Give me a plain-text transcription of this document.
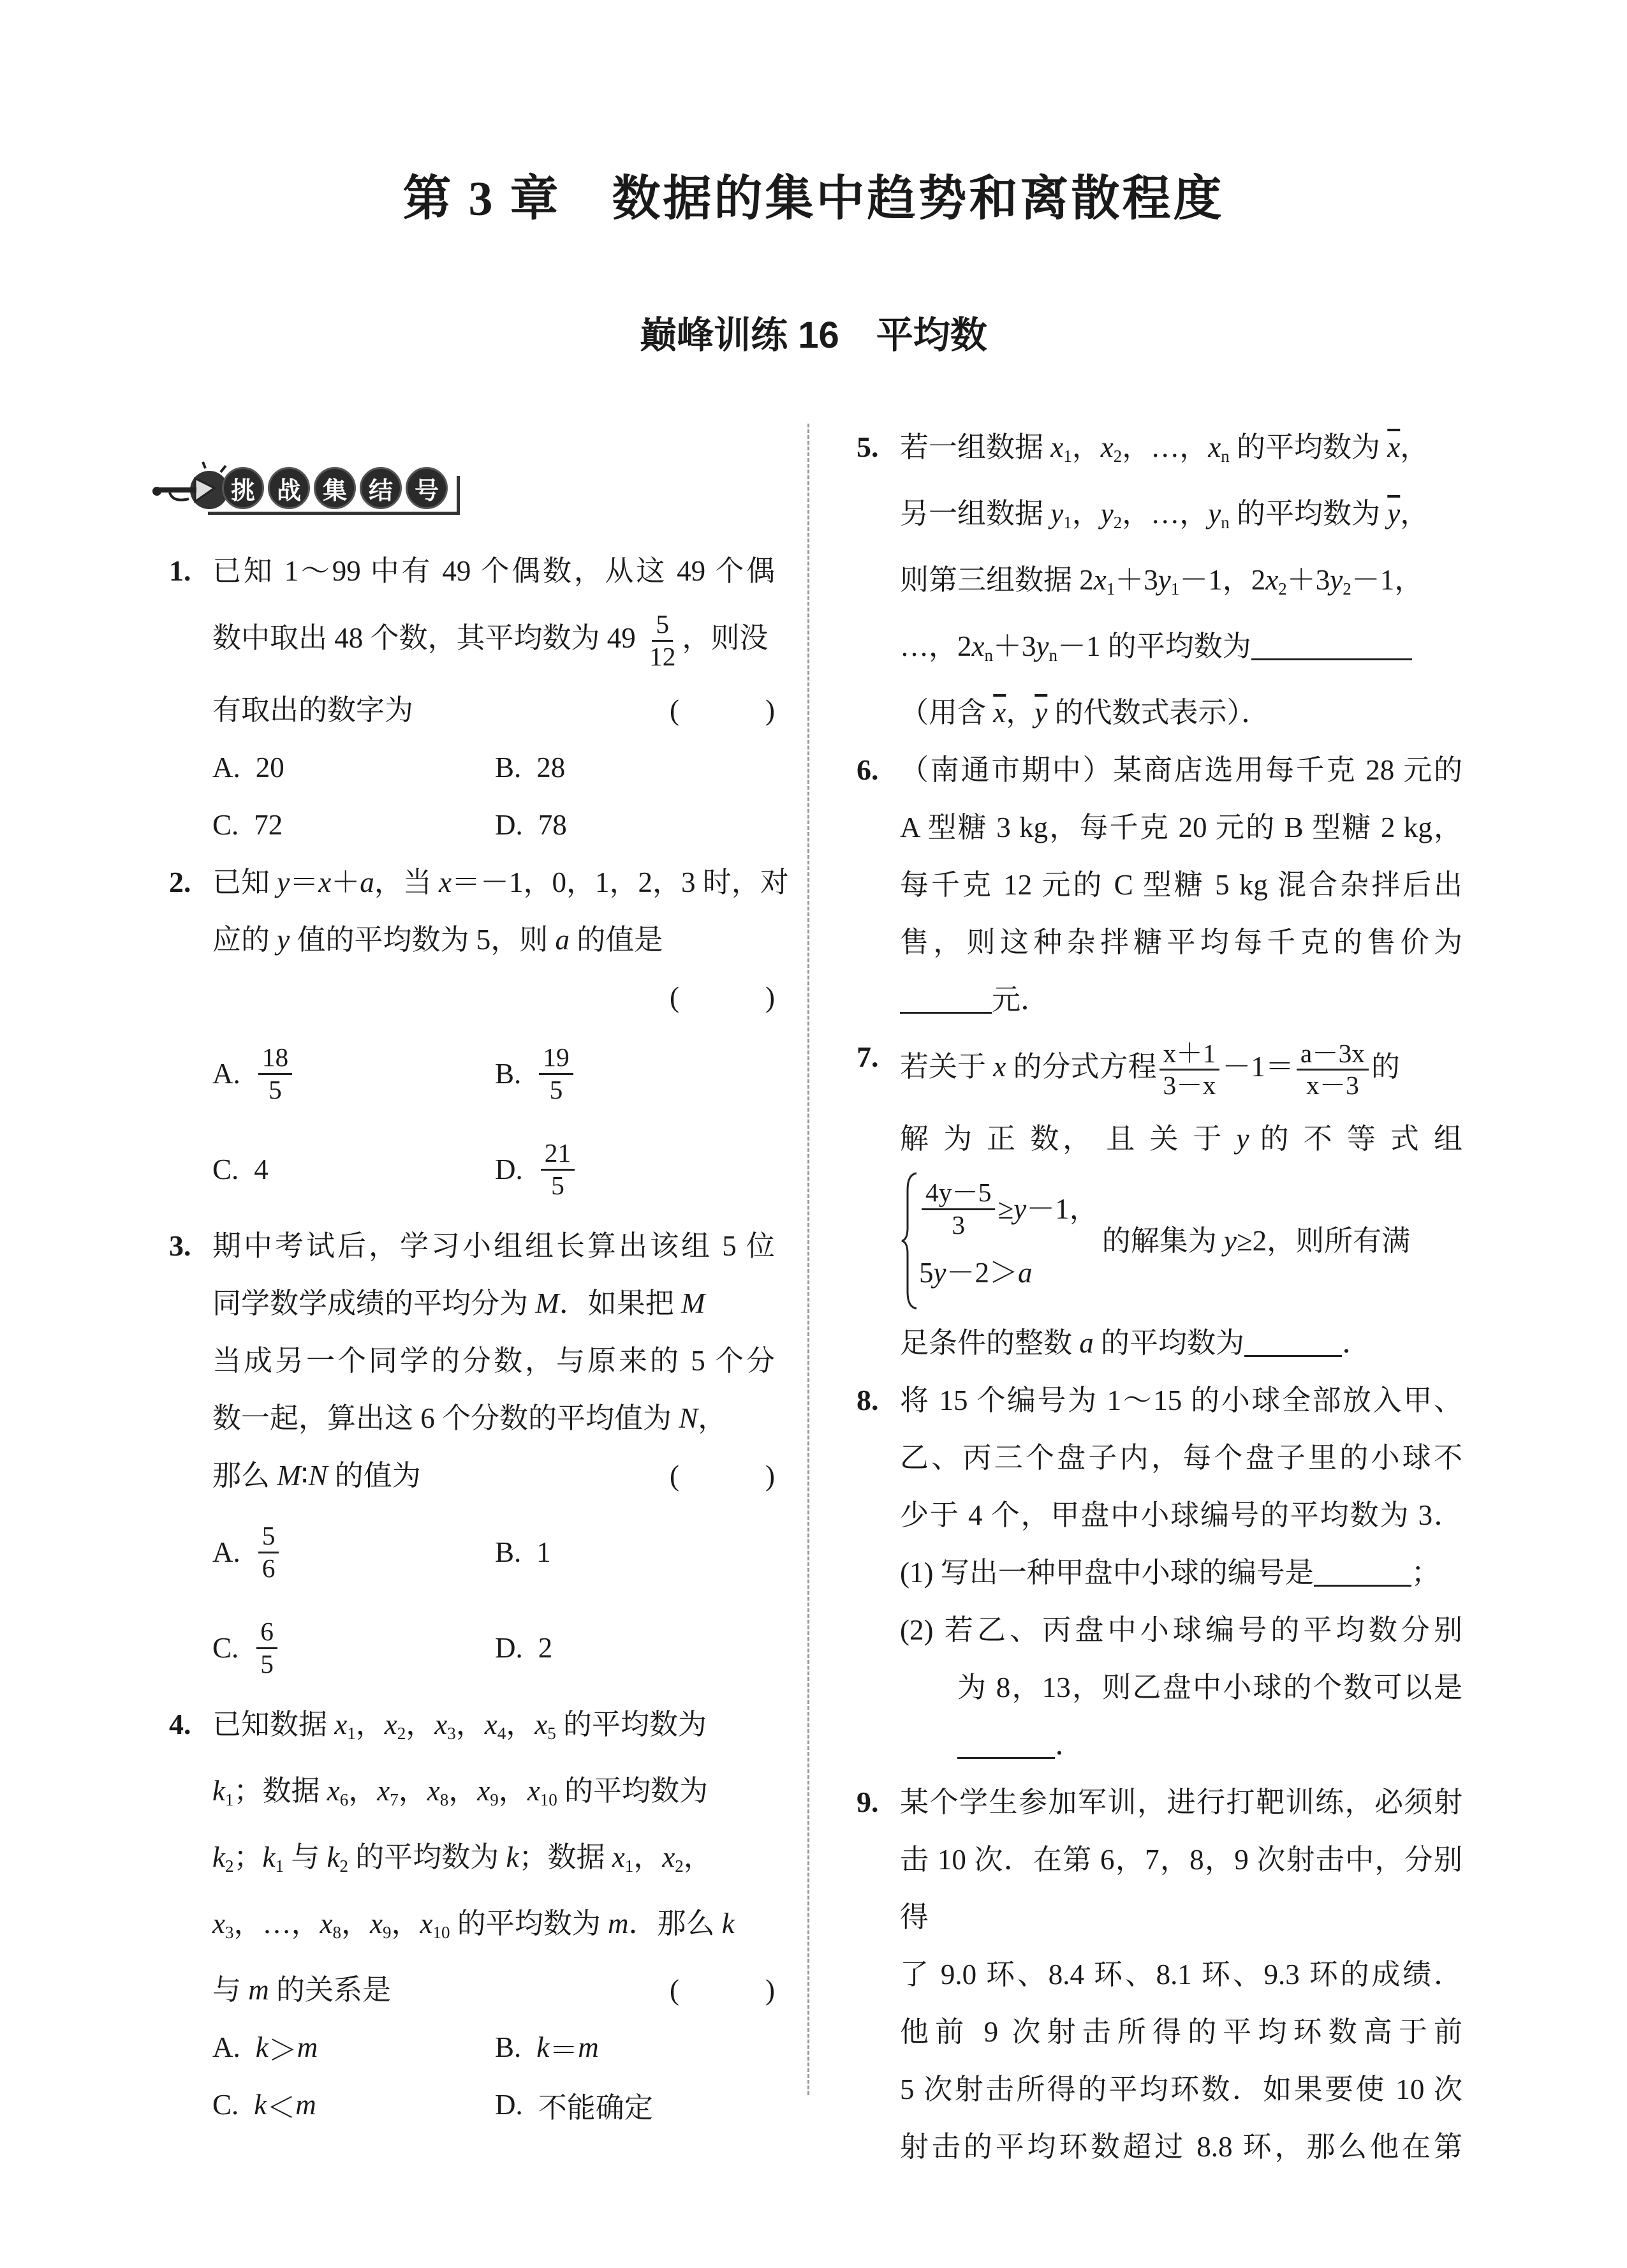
第 3 章　数据的集中趋势和离散程度
巅峰训练 16　平均数
挑 战 集 结 号
1. 已知 1～99 中有 49 个偶数，从这 49 个偶
数中取出 48 个数，其平均数为 $49 \frac{5}{12}$ ，则没
有取出的数字为	(　　　)
A. 20	B. 28
C. 72	D. 78
2. 已知 y＝x＋a，当 x＝－1，0，1，2，3 时，对
应的 y 值的平均数为 5，则 a 的值是
(　　　)
A. $\frac{18}{5}$	B. $\frac{19}{5}$
C. 4	D. $\frac{21}{5}$
3. 期中考试后，学习小组组长算出该组 5 位
同学数学成绩的平均分为 M．如果把 M
当成另一个同学的分数，与原来的 5 个分
数一起，算出这 6 个分数的平均值为 N，
那么 M∶N 的值为	(　　　)
A. $\frac{5}{6}$	B. 1
C. $\frac{6}{5}$	D. 2
4. 已知数据 $x_1$，$x_2$，$x_3$，$x_4$，$x_5$ 的平均数为
$k_1$；数据 $x_6$，$x_7$，$x_8$，$x_9$，$x_{10}$ 的平均数为
$k_2$；$k_1$ 与 $k_2$ 的平均数为 k；数据 $x_1$，$x_2$，
$x_3$，…，$x_8$，$x_9$，$x_{10}$ 的平均数为 m．那么 k
与 m 的关系是	(　　　)
A. k ＞ m	B. k ＝ m
C. k ＜ m	D. 不能确定
5. 若一组数据 $x_1$，$x_2$，…，$x_n$ 的平均数为 $\overline{x}$，
另一组数据 $y_1$，$y_2$，…，$y_n$ 的平均数为 $\overline{y}$，
则第三组数据 $2x_1+3y_1-1$，$2x_2+3y_2-1$，
…，$2x_n+3y_n-1$ 的平均数为
（用含 $\overline{x}$，$\overline{y}$ 的代数式表示）．
6. （南通市期中）某商店选用每千克 28 元的
A 型糖 3 kg，每千克 20 元的 B 型糖 2 kg，
每千克 12 元的 C 型糖 5 kg 混合杂拌后出
售，则这种杂拌糖平均每千克的售价为
元．
7. 若关于 x 的分式方程 $\frac{x+1}{3-x} -1= \frac{a-3x}{x-3}$ 的
解 为 正 数， 且 关 于 y 的 不 等 式 组
$\frac{4y-5}{3} \ge y -1$，
5 y －2＞ a
的解集为 y≥2，则所有满
足条件的整数 a 的平均数为	．
8. 将 15 个编号为 1～15 的小球全部放入甲、
乙、丙三个盘子内，每个盘子里的小球不
少于 4 个，甲盘中小球编号的平均数为 3．
(1) 写出一种甲盘中小球的编号是	；
(2) 若乙、丙盘中小球编号的平均数分别
为 8，13，则乙盘中小球的个数可以是
．
9. 某个学生参加军训，进行打靶训练，必须射
击 10 次．在第 6，7，8，9 次射击中，分别得
了 9.0 环、8.4 环、8.1 环、9.3 环的成绩．
他前 9 次射击所得的平均环数高于前
5 次射击所得的平均环数．如果要使 10 次
射击的平均环数超过 8.8 环，那么他在第
